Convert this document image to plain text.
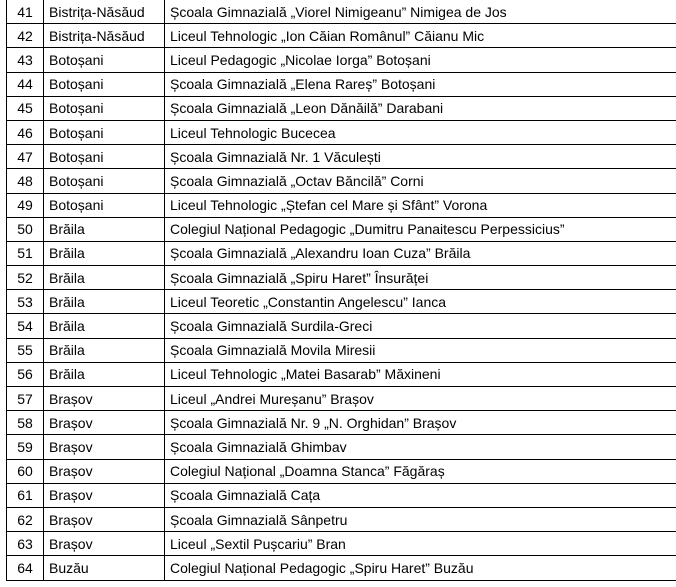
41	Bistrița-Năsăud	Școala Gimnazială „Viorel Nimigeanu” Nimigea de Jos
42	Bistrița-Năsăud	Liceul Tehnologic „Ion Căian Românul” Căianu Mic
43	Botoșani	Liceul Pedagogic „Nicolae Iorga” Botoșani
44	Botoșani	Școala Gimnazială „Elena Rareș” Botoșani
45	Botoșani	Școala Gimnazială „Leon Dănăilă” Darabani
46	Botoșani	Liceul Tehnologic Bucecea
47	Botoșani	Școala Gimnazială Nr. 1 Văculești
48	Botoșani	Școala Gimnazială „Octav Băncilă” Corni
49	Botoșani	Liceul Tehnologic „Ștefan cel Mare și Sfânt” Vorona
50	Brăila	Colegiul Național Pedagogic „Dumitru Panaitescu Perpessicius”
51	Brăila	Școala Gimnazială „Alexandru Ioan Cuza” Brăila
52	Brăila	Școala Gimnazială „Spiru Haret” Însurăței
53	Brăila	Liceul Teoretic „Constantin Angelescu” Ianca
54	Brăila	Școala Gimnazială Surdila-Greci
55	Brăila	Școala Gimnazială Movila Miresii
56	Brăila	Liceul Tehnologic „Matei Basarab” Măxineni
57	Brașov	Liceul „Andrei Mureșanu” Brașov
58	Brașov	Școala Gimnazială Nr. 9 „N. Orghidan” Brașov
59	Brașov	Școala Gimnazială Ghimbav
60	Brașov	Colegiul Național „Doamna Stanca” Făgăraș
61	Brașov	Școala Gimnazială Cața
62	Brașov	Școala Gimnazială Sânpetru
63	Brașov	Liceul „Sextil Pușcariu” Bran
64	Buzău	Colegiul Național Pedagogic „Spiru Haret” Buzău
